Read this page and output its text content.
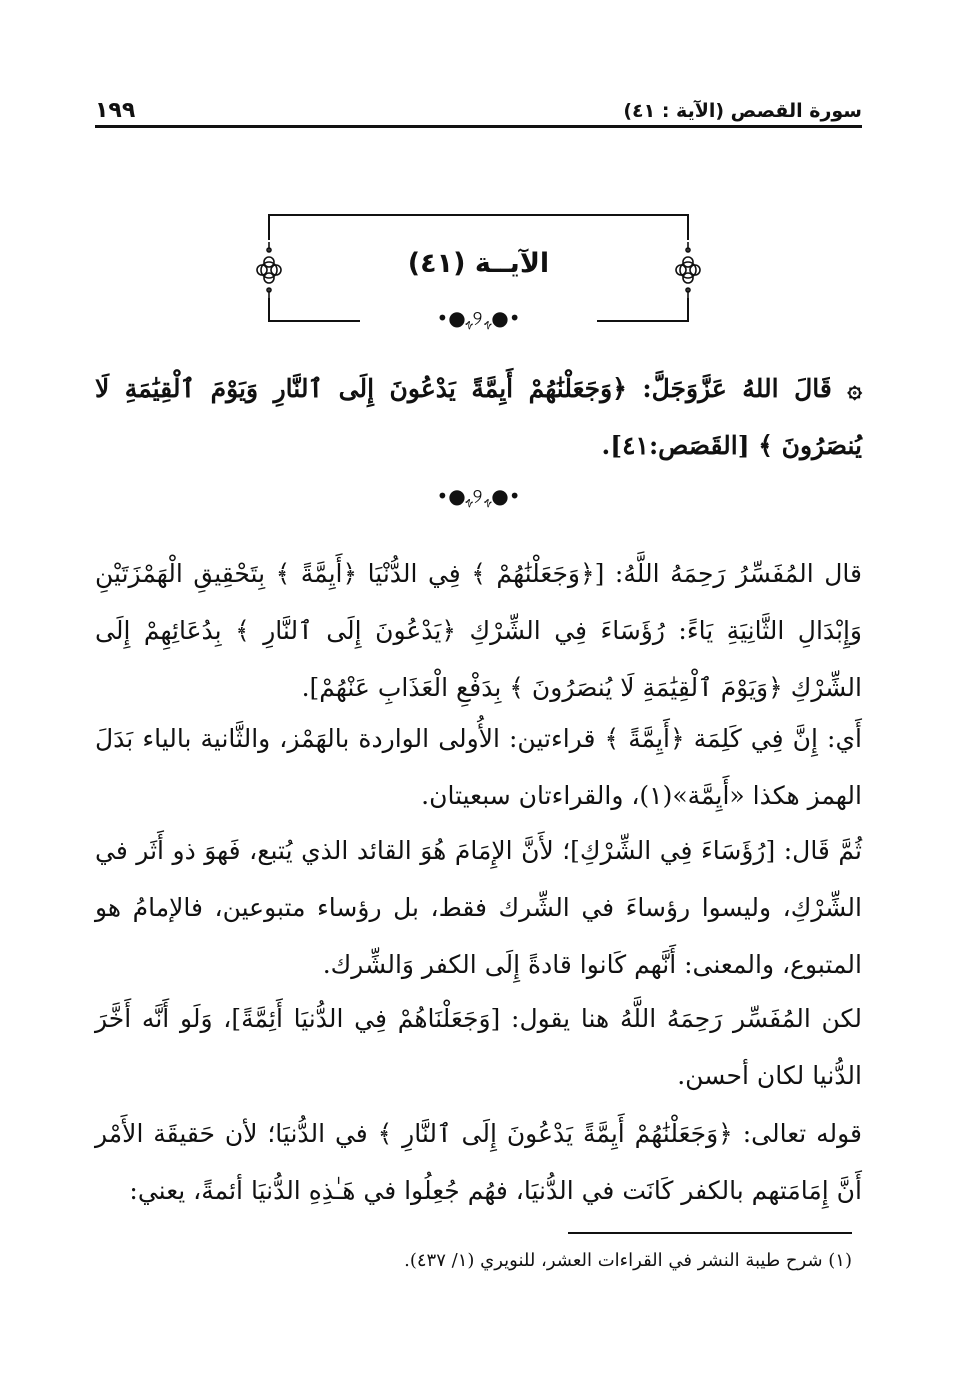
١٩٩	سورة القصص (الآية : ٤١)
الآيــة (٤١)
•●ﮩ୨ﮩ●•
۞ قَالَ اللهُ عَزَّوَجَلَّ: ﴿وَجَعَلْنَٰهُمْ أَيِمَّةً يَدْعُونَ إِلَى ٱلنَّارِ وَيَوْمَ ٱلْقِيَٰمَةِ لَا يُنصَرُونَ ﴾ [القَصَص:٤١].
•●ﮩ୨ﮩ●•
قال المُفَسِّرُ رَحِمَهُ اللَّهُ: [﴿وَجَعَلْنَٰهُمْ ﴾ فِي الدُّنْيَا ﴿أَيِمَّةً ﴾ بِتَحْقِيقِ الْهَمْزَتَيْنِ وَإِبْدَالِ الثَّانِيَةِ يَاءً: رُؤَسَاءَ فِي الشِّرْكِ ﴿يَدْعُونَ إِلَى ٱلنَّارِ ﴾ بِدُعَائِهِمْ إِلَى الشِّرْكِ ﴿وَيَوْمَ ٱلْقِيَٰمَةِ لَا يُنصَرُونَ ﴾ بِدَفْعِ الْعَذَابِ عَنْهُمْ].
أَي: إِنَّ فِي كَلِمَة ﴿أَيِمَّةً ﴾ قراءتين: الأُولى الواردة بالهَمْز، والثَّانية بالياء بَدَلَ الهمز هكذا «أَيِمَّة»(١)، والقراءتان سبعيتان.
ثُمَّ قَال: [رُؤَسَاءَ فِي الشِّرْكِ]؛ لأَنَّ الإِمَامَ هُوَ القائد الذي يُتبع، فَهوَ ذو أَثَر في الشِّرْكِ، وليسوا رؤساءَ في الشِّرك فقط، بل رؤساء متبوعين، فالإمامُ هو المتبوع، والمعنى: أَنَّهم كَانوا قادةً إِلَى الكفر وَالشِّرك.
لكن المُفَسِّر رَحِمَهُ اللَّهُ هنا يقول: [وَجَعَلْنَاهُمْ فِي الدُّنيَا أَئِمَّةً]، وَلَو أَنَّه أَخَّرَ الدُّنيا لكان أحسن.
قوله تعالى: ﴿وَجَعَلْنَٰهُمْ أَيِمَّةً يَدْعُونَ إِلَى ٱلنَّارِ ﴾ في الدُّنيَا؛ لأن حَقيقَة الأَمْر أَنَّ إِمَامَتهم بالكفر كَانَت في الدُّنيَا، فهُم جُعِلُوا في هَـٰذِهِ الدُّنيَا أئمةً، يعني:
(١) شرح طيبة النشر في القراءات العشر، للنويري (١/ ٤٣٧).
